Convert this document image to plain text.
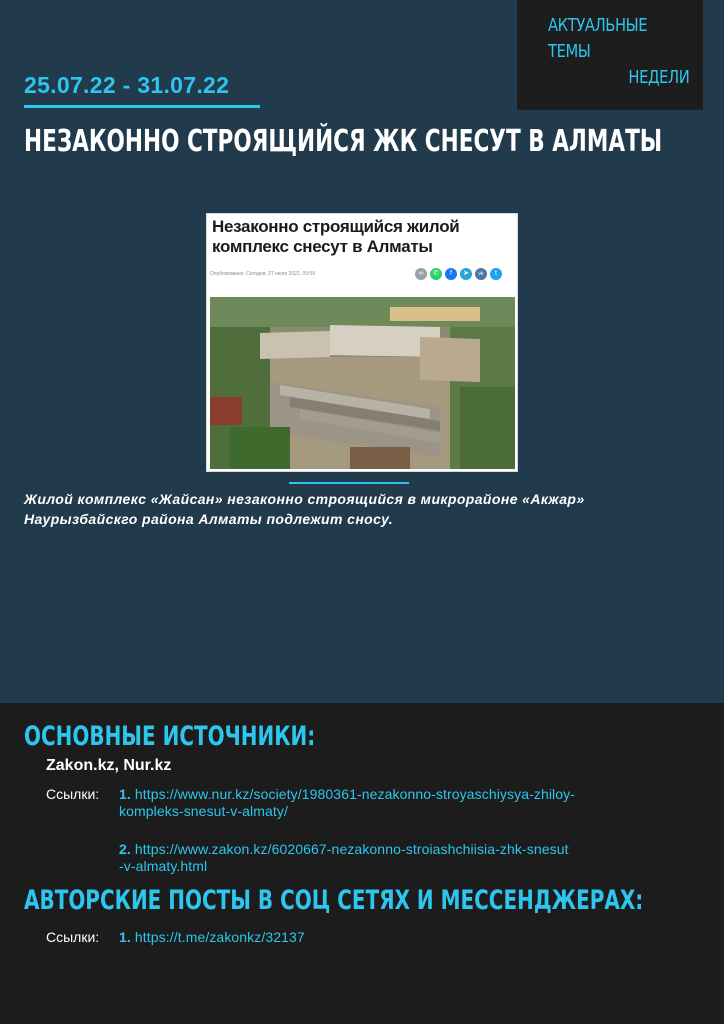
АКТУАЛЬНЫЕ ТЕМЫ
НЕДЕЛИ
25.07.22 - 31.07.22
НЕЗАКОННО СТРОЯЩИЙСЯ ЖК СНЕСУТ В АЛМАТЫ
Незаконно строящийся жилой комплекс снесут в Алматы
Опубликовано: Сегодня, 27 июля 2022, 09:59	∞	✆	f	➤	vk	t
Жилой комплекс «Жайсан» незаконно строящийся в микрорайоне «Акжар» Наурызбайскго района Алматы подлежит сносу.
ОСНОВНЫЕ ИСТОЧНИКИ:
Zakon.kz, Nur.kz
Ссылки: 1. https://www.nur.kz/society/1980361-nezakonno-stroyaschiysya-zhiloy-
kompleks-snesut-v-almaty/
2. https://www.zakon.kz/6020667-nezakonno-stroiashchiisia-zhk-snesut
-v-almaty.html
АВТОРСКИЕ ПОСТЫ В СОЦ СЕТЯХ И МЕССЕНДЖЕРАХ:
Ссылки: 1. https://t.me/zakonkz/32137
